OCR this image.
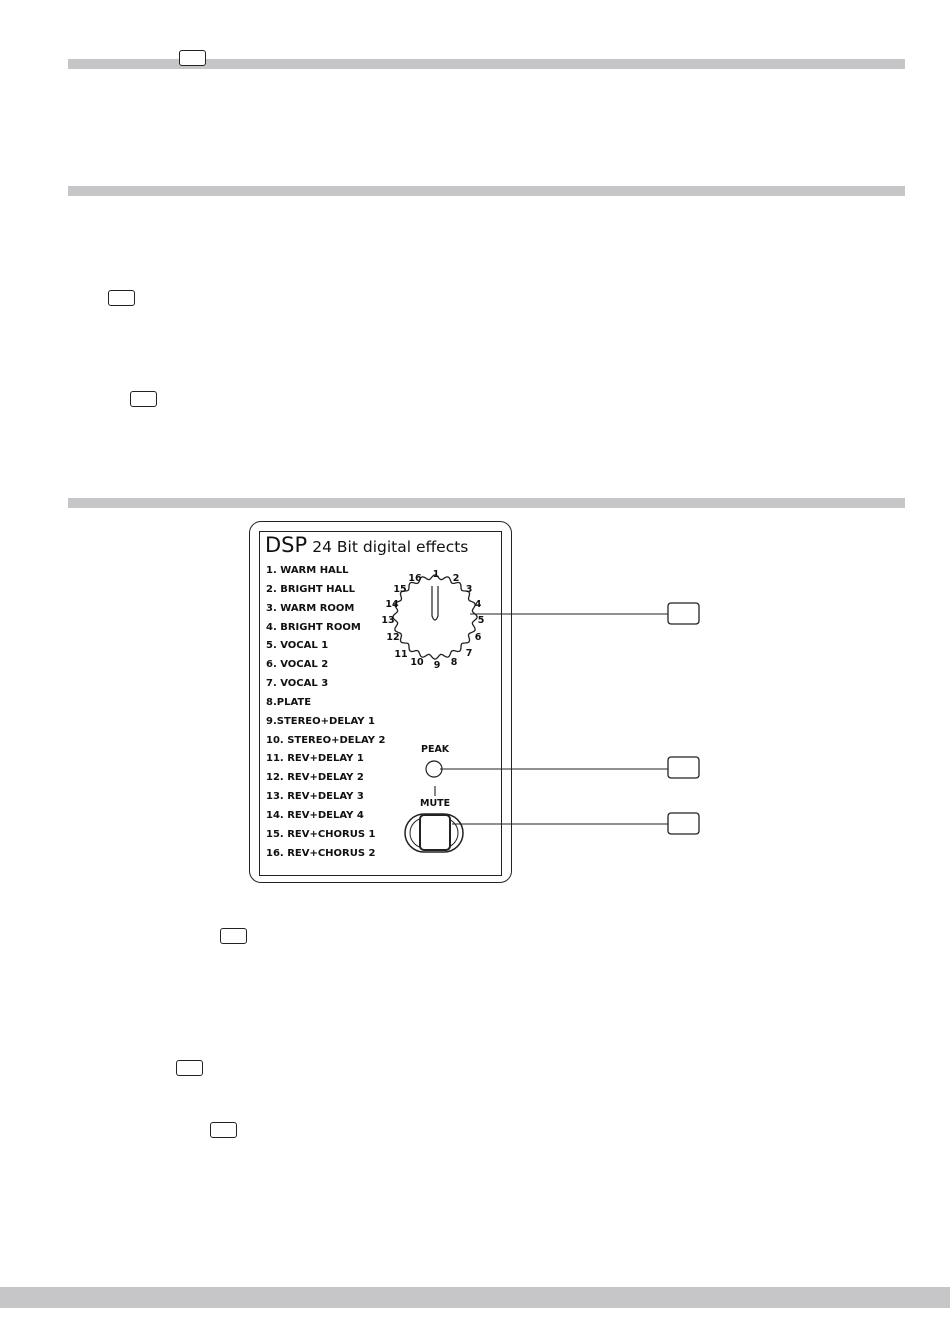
DSP 24 Bit digital effects
1. WARM HALL
2. BRIGHT HALL
3. WARM ROOM
4. BRIGHT ROOM
5. VOCAL 1
6. VOCAL 2
7. VOCAL 3
8.PLATE
9.STEREO+DELAY 1
10. STEREO+DELAY 2
11. REV+DELAY 1
12. REV+DELAY 2
13. REV+DELAY 3
14. REV+DELAY 4
15. REV+CHORUS 1
16. REV+CHORUS 2
1 2
3
4
5
6
7
8
9
10
11
12
13
14
15
16
PEAK
MUTE
